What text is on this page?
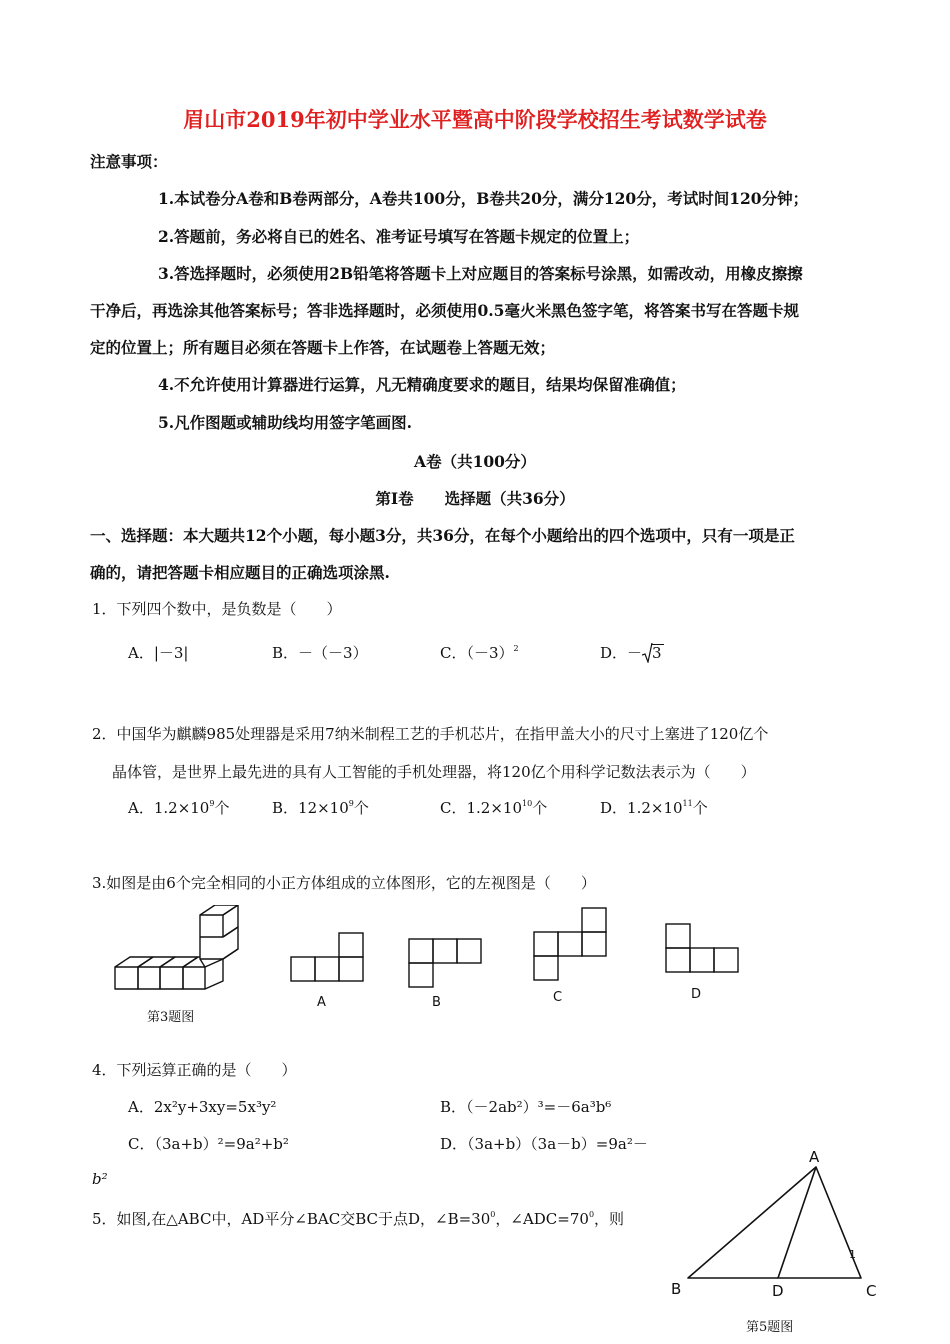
眉山市2019年初中学业水平暨高中阶段学校招生考试数学试卷
注意事项：
1.本试卷分A卷和B卷两部分，A卷共100分，B卷共20分，满分120分，考试时间120分钟；
2.答题前，务必将自已的姓名、准考证号填写在答题卡规定的位置上；
3.答选择题时，必须使用2B铅笔将答题卡上对应题目的答案标号涂黑，如需改动，用橡皮擦擦
干净后，再选涂其他答案标号；答非选择题时，必须使用0.5毫火米黑色签字笔，将答案书写在答题卡规
定的位置上；所有题目必须在答题卡上作答，在试题卷上答题无效；
4.不允许使用计算器进行运算，凡无精确度要求的题目，结果均保留准确值；
5.凡作图题或辅助线均用签字笔画图.
A卷（共100分）
第Ⅰ卷　　选择题（共36分）
一、选择题：本大题共12个小题，每小题3分，共36分，在每个小题给出的四个选项中，只有一项是正
确的，请把答题卡相应题目的正确选项涂黑.
1．下列四个数中，是负数是（　　）
A．|－3|	B．－（－3）	C．$(-3)^2$	D．－ 3
2．中国华为麒麟985处理器是采用7纳米制程工艺的手机芯片，在指甲盖大小的尺寸上塞进了120亿个
晶体管，是世界上最先进的具有人工智能的手机处理器，将120亿个用科学记数法表示为（　　）
A．$1.2\times 10^9$个	B．$12\times 10^9$个	C．$1.2\times 10^{10}$个	D．$1.2\times 10^{11}$个
3.如图是由6个完全相同的小正方体组成的立体图形，它的左视图是（　　）
第3题图
A	B	C	D
4．下列运算正确的是（　　）
A．2x²y+3xy=5x³y²	B．（－2ab²）³=－6a³b⁶
C．（3a+b）²=9a²+b²	D．（3a+b）（3a－b）=9a²－
b²
5．如图,在△ABC中，AD平分∠BAC交BC于点D，$\angle B=30^0$，$\angle ADC=70^0$，则
A
B	D	C
1
第5题图
